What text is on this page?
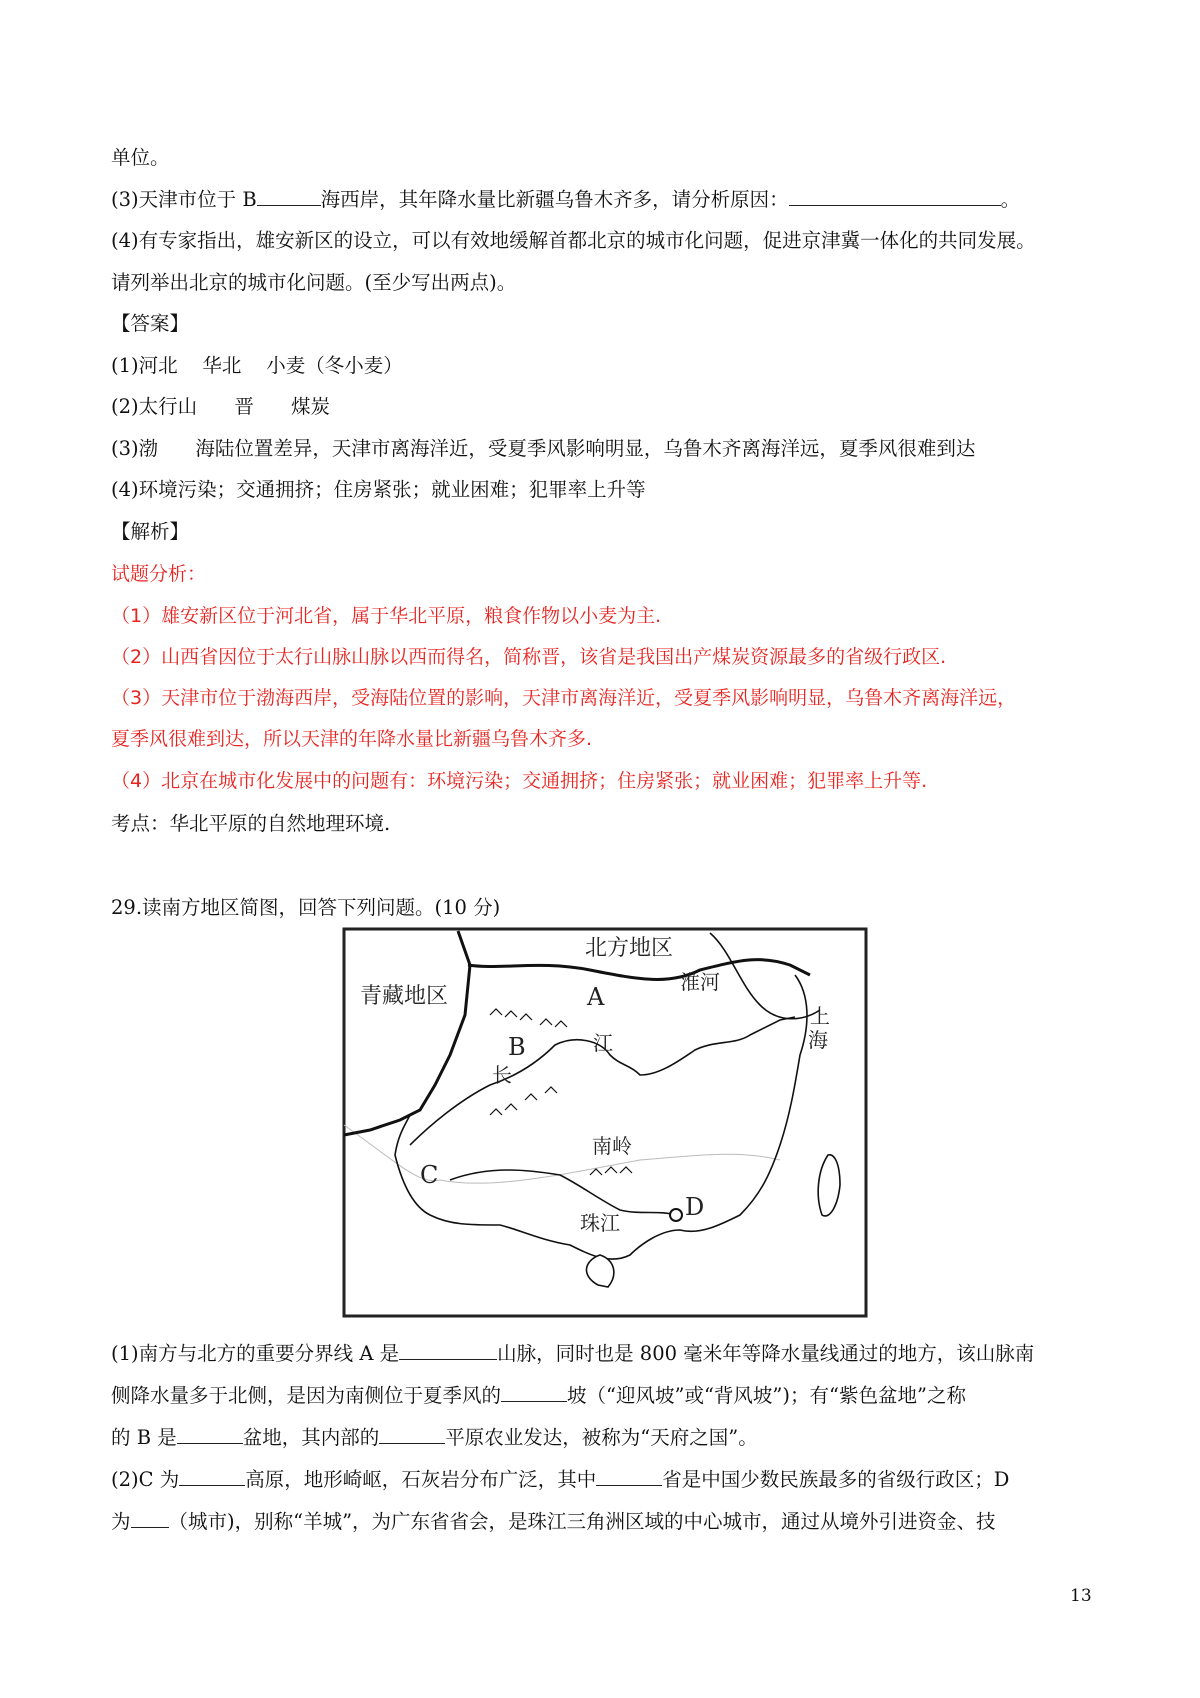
单位。
(3)天津市位于 B	海西岸，其年降水量比新疆乌鲁木齐多，请分析原因：	。
(4)有专家指出，雄安新区的设立，可以有效地缓解首都北京的城市化问题，促进京津冀一体化的共同发展。
请列举出北京的城市化问题。(至少写出两点)。
【答案】
(1)河北    华北    小麦（冬小麦）
(2)太行山      晋      煤炭
(3)渤      海陆位置差异，天津市离海洋近，受夏季风影响明显，乌鲁木齐离海洋远，夏季风很难到达
(4)环境污染；交通拥挤；住房紧张；就业困难；犯罪率上升等
【解析】
试题分析：
（1）雄安新区位于河北省，属于华北平原，粮食作物以小麦为主.
（2）山西省因位于太行山脉山脉以西而得名，简称晋，该省是我国出产煤炭资源最多的省级行政区.
（3）天津市位于渤海西岸，受海陆位置的影响，天津市离海洋近，受夏季风影响明显，乌鲁木齐离海洋远，
夏季风很难到达，所以天津的年降水量比新疆乌鲁木齐多.
（4）北京在城市化发展中的问题有：环境污染；交通拥挤；住房紧张；就业困难；犯罪率上升等.
考点：华北平原的自然地理环境.
29.读南方地区简图，回答下列问题。(10 分)
北方地区
淮河
青藏地区	A
B	江
长
上
海
南岭
C
D
珠江
(1)南方与北方的重要分界线 A 是	山脉，同时也是 800 毫米年等降水量线通过的地方，该山脉南
侧降水量多于北侧，是因为南侧位于夏季风的	坡（“迎风坡”或“背风坡”)；有“紫色盆地”之称
的 B 是	盆地，其内部的	平原农业发达，被称为“天府之国”。
(2)C 为	高原，地形崎岖，石灰岩分布广泛，其中	省是中国少数民族最多的省级行政区；D
为 （城市)，别称“羊城”，为广东省省会，是珠江三角洲区域的中心城市，通过从境外引进资金、技
13
